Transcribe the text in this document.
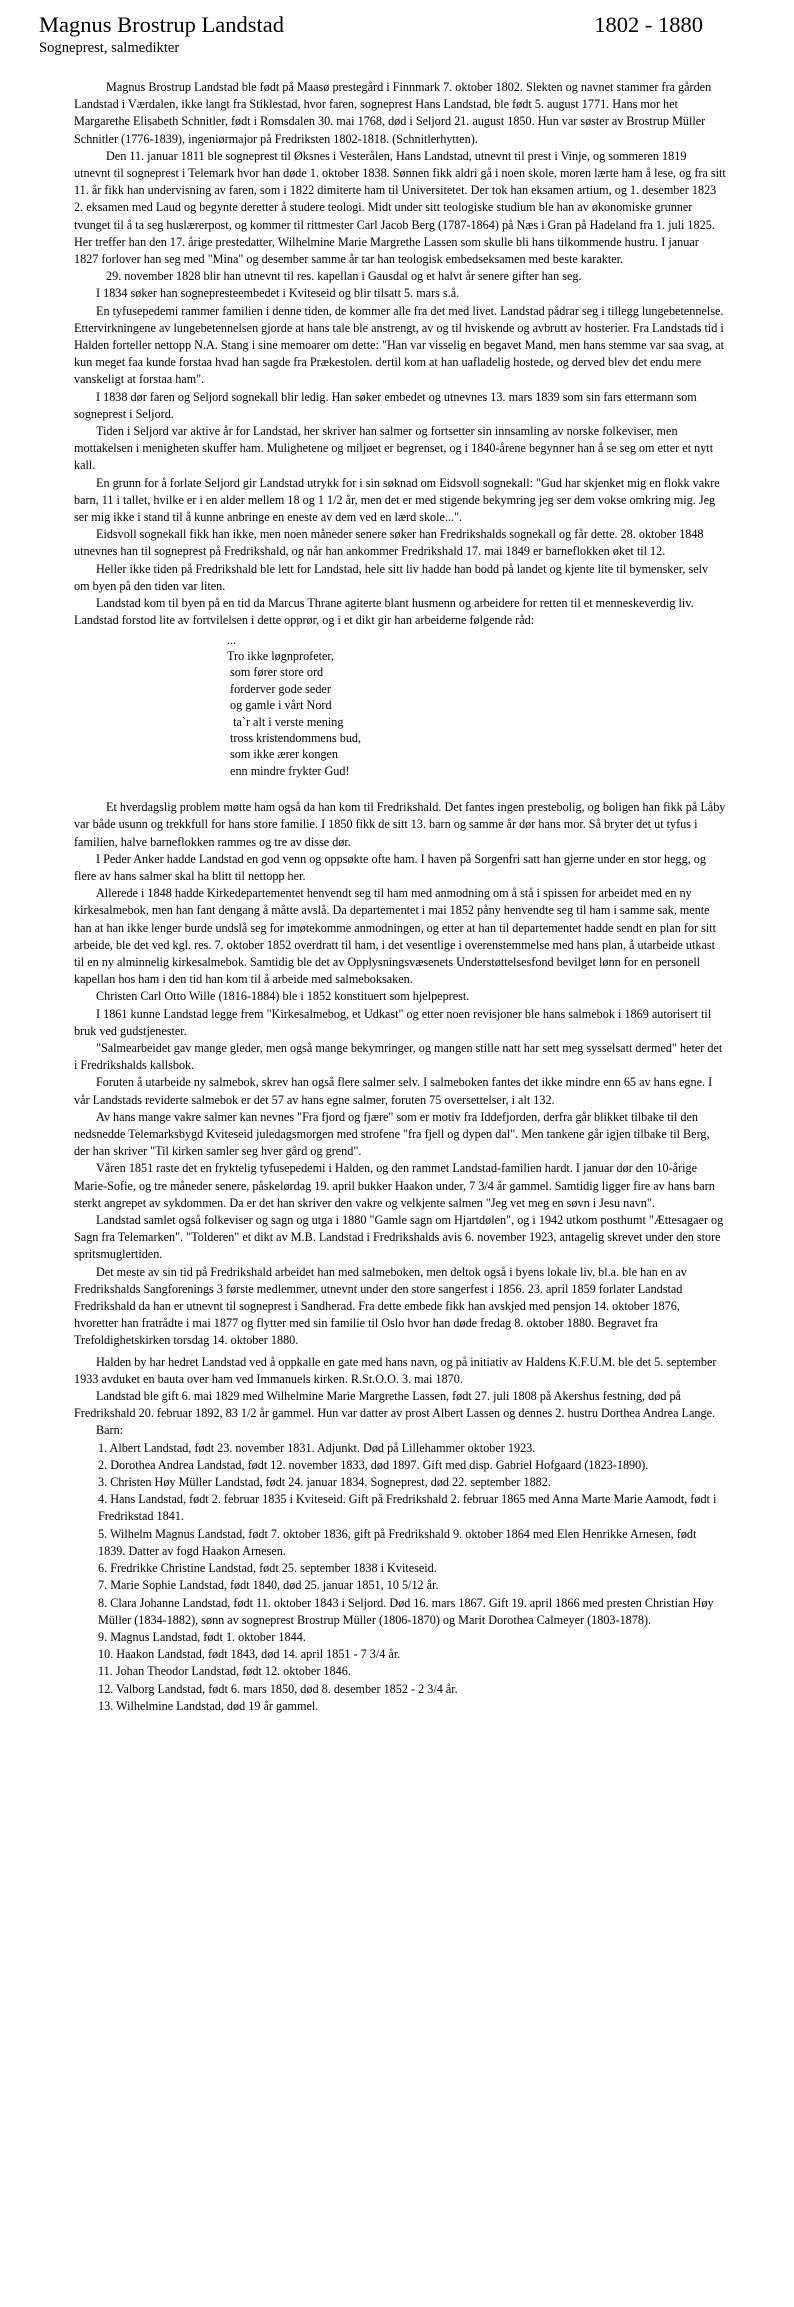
Magnus Brostrup Landstad	1802 - 1880
Sogneprest, salmedikter

Magnus Brostrup Landstad ble født på Maasø prestegård i Finnmark 7. oktober 1802. Slekten og navnet stammer fra gården Landstad i Værdalen, ikke langt fra Stiklestad, hvor faren, sogneprest Hans Landstad, ble født 5. august 1771. Hans mor het Margarethe Elisabeth Schnitler, født i Romsdalen 30. mai 1768, død i Seljord 21. august 1850. Hun var søster av Brostrup Müller Schnitler (1776-1839), ingeniørmajor på Fredriksten 1802-1818. (Schnitlerhytten).

Den 11. januar 1811 ble sogneprest til Øksnes i Vesterålen, Hans Landstad, utnevnt til prest i Vinje, og sommeren 1819 utnevnt til sogneprest i Telemark hvor han døde 1. oktober 1838. Sønnen fikk aldri gå i noen skole, moren lærte ham å lese, og fra sitt 11. år fikk han undervisning av faren, som i 1822 dimiterte ham til Universitetet. Der tok han eksamen artium, og 1. desember 1823 2. eksamen med Laud og begynte deretter å studere teologi. Midt under sitt teologiske studium ble han av økonomiske grunner tvunget til å ta seg huslærerpost, og kommer til rittmester Carl Jacob Berg (1787-1864) på Næs i Gran på Hadeland fra 1. juli 1825. Her treffer han den 17. årige prestedatter, Wilhelmine Marie Margrethe Lassen som skulle bli hans tilkommende hustru. I januar 1827 forlover han seg med "Mina" og desember samme år tar han teologisk embedseksamen med beste karakter.

29. november 1828 blir han utnevnt til res. kapellan i Gausdal og et halvt år senere gifter han seg.

I 1834 søker han sognepresteembedet i Kviteseid og blir tilsatt 5. mars s.å.

En tyfusepedemi rammer familien i denne tiden, de kommer alle fra det med livet. Landstad pådrar seg i tillegg lungebetennelse. Ettervirkningene av lungebetennelsen gjorde at hans tale ble anstrengt, av og til hviskende og avbrutt av hosterier. Fra Landstads tid i Halden forteller nettopp N.A. Stang i sine memoarer om dette: "Han var visselig en begavet Mand, men hans stemme var saa svag, at kun meget faa kunde forstaa hvad han sagde fra Prækestolen. dertil kom at han uafladelig hostede, og derved blev det endu mere vanskeligt at forstaa ham".

I 1838 dør faren og Seljord sognekall blir ledig. Han søker embedet og utnevnes 13. mars 1839 som sin fars ettermann som sogneprest i Seljord.

Tiden i Seljord var aktive år for Landstad, her skriver han salmer og fortsetter sin innsamling av norske folkeviser, men mottakelsen i menigheten skuffer ham. Mulighetene og miljøet er begrenset, og i 1840-årene begynner han å se seg om etter et nytt kall.

En grunn for å forlate Seljord gir Landstad utrykk for i sin søknad om Eidsvoll sognekall: "Gud har skjenket mig en flokk vakre barn, 11 i tallet, hvilke er i en alder mellem 18 og 1 1/2 år, men det er med stigende bekymring jeg ser dem vokse omkring mig. Jeg ser mig ikke i stand til å kunne anbringe en eneste av dem ved en lærd skole...".

Eidsvoll sognekall fikk han ikke, men noen måneder senere søker han Fredrikshalds sognekall og får dette. 28. oktober 1848 utnevnes han til sogneprest på Fredrikshald, og når han ankommer Fredrikshald 17. mai 1849 er barneflokken øket til 12.

Heller ikke tiden på Fredrikshald ble lett for Landstad, hele sitt liv hadde han bodd på landet og kjente lite til bymensker, selv om byen på den tiden var liten.

Landstad kom til byen på en tid da Marcus Thrane agiterte blant husmenn og arbeidere for retten til et menneskeverdig liv. Landstad forstod lite av fortvilelsen i dette opprør, og i et dikt gir han arbeiderne følgende råd:

...
Tro ikke løgnprofeter,
som fører store ord
forderver gode seder
og gamle i vårt Nord
ta`r alt i verste mening
tross kristendommens bud,
som ikke ærer kongen
enn mindre frykter Gud!

Et hverdagslig problem møtte ham også da han kom til Fredrikshald. Det fantes ingen prestebolig, og boligen han fikk på Låby var både usunn og trekkfull for hans store familie. I 1850 fikk de sitt 13. barn og samme år dør hans mor. Så bryter det ut tyfus i familien, halve barneflokken rammes og tre av disse dør.

I Peder Anker hadde Landstad en god venn og oppsøkte ofte ham. I haven på Sorgenfri satt han gjerne under en stor hegg, og flere av hans salmer skal ha blitt til nettopp her.

Allerede i 1848 hadde Kirkedepartementet henvendt seg til ham med anmodning om å stå i spissen for arbeidet med en ny kirkesalmebok, men han fant dengang å måtte avslå. Da departementet i mai 1852 påny henvendte seg til ham i samme sak, mente han at han ikke lenger burde undslå seg for imøtekomme anmodningen, og etter at han til departementet hadde sendt en plan for sitt arbeide, ble det ved kgl. res. 7. oktober 1852 overdratt til ham, i det vesentlige i overenstemmelse med hans plan, å utarbeide utkast til en ny alminnelig kirkesalmebok. Samtidig ble det av Opplysningsvæsenets Understøttelsesfond bevilget lønn for en personell kapellan hos ham i den tid han kom til å arbeide med salmeboksaken.

Christen Carl Otto Wille (1816-1884) ble i 1852 konstituert som hjelpeprest.

I 1861 kunne Landstad legge frem "Kirkesalmebog, et Udkast" og etter noen revisjoner ble hans salmebok i 1869 autorisert til bruk ved gudstjenester.

"Salmearbeidet gav mange gleder, men også mange bekymringer, og mangen stille natt har sett meg sysselsatt dermed" heter det i Fredrikshalds kallsbok.

Foruten å utarbeide ny salmebok, skrev han også flere salmer selv. I salmeboken fantes det ikke mindre enn 65 av hans egne. I vår Landstads reviderte salmebok er det 57 av hans egne salmer, foruten 75 oversettelser, i alt 132.

Av hans mange vakre salmer kan nevnes "Fra fjord og fjære" som er motiv fra Iddefjorden, derfra går blikket tilbake til den nedsnedde Telemarksbygd Kviteseid juledagsmorgen med strofene "fra fjell og dypen dal". Men tankene går igjen tilbake til Berg, der han skriver "Til kirken samler seg hver gård og grend".

Våren 1851 raste det en fryktelig tyfusepedemi i Halden, og den rammet Landstad-familien hardt. I januar dør den 10-årige Marie-Sofie, og tre måneder senere, påskelørdag 19. april bukker Haakon under, 7 3/4 år gammel. Samtidig ligger fire av hans barn sterkt angrepet av sykdommen. Da er det han skriver den vakre og velkjente salmen "Jeg vet meg en søvn i Jesu navn".

Landstad samlet også folkeviser og sagn og utga i 1880 "Gamle sagn om Hjartdølen", og i 1942 utkom posthumt "Ættesagaer og Sagn fra Telemarken". "Tolderen" et dikt av M.B. Landstad i Fredrikshalds avis 6. november 1923, antagelig skrevet under den store spritsmuglertiden.

Det meste av sin tid på Fredrikshald arbeidet han med salmeboken, men deltok også i byens lokale liv, bl.a. ble han en av Fredrikshalds Sangforenings 3 første medlemmer, utnevnt under den store sangerfest i 1856. 23. april 1859 forlater Landstad Fredrikshald da han er utnevnt til sogneprest i Sandherad. Fra dette embede fikk han avskjed med pensjon 14. oktober 1876, hvoretter han fratrådte i mai 1877 og flytter med sin familie til Oslo hvor han døde fredag 8. oktober 1880. Begravet fra Trefoldighetskirken torsdag 14. oktober 1880.

Halden by har hedret Landstad ved å oppkalle en gate med hans navn, og på initiativ av Haldens K.F.U.M. ble det 5. september 1933 avduket en bauta over ham ved Immanuels kirken. R.St.O.O. 3. mai 1870.

Landstad ble gift 6. mai 1829 med Wilhelmine Marie Margrethe Lassen, født 27. juli 1808 på Akershus festning, død på Fredrikshald 20. februar 1892, 83 1/2 år gammel. Hun var datter av prost Albert Lassen og dennes 2. hustru Dorthea Andrea Lange.

Barn:

1. Albert Landstad, født 23. november 1831. Adjunkt. Død på Lillehammer oktober 1923.
2. Dorothea Andrea Landstad, født 12. november 1833, død 1897. Gift med disp. Gabriel Hofgaard (1823-1890).
3. Christen Høy Müller Landstad, født 24. januar 1834. Sogneprest, død 22. september 1882.
4. Hans Landstad, født 2. februar 1835 i Kviteseid. Gift på Fredrikshald 2. februar 1865 med Anna Marte Marie Aamodt, født i Fredrikstad 1841.
5. Wilhelm Magnus Landstad, født 7. oktober 1836, gift på Fredrikshald 9. oktober 1864 med Elen Henrikke Arnesen, født 1839. Datter av fogd Haakon Arnesen.
6. Fredrikke Christine Landstad, født 25. september 1838 i Kviteseid.
7. Marie Sophie Landstad, født 1840, død 25. januar 1851, 10 5/12 år.
8. Clara Johanne Landstad, født 11. oktober 1843 i Seljord. Død 16. mars 1867. Gift 19. april 1866 med presten Christian Høy Müller (1834-1882), sønn av sogneprest Brostrup Müller (1806-1870) og Marit Dorothea Calmeyer (1803-1878).
9. Magnus Landstad, født 1. oktober 1844.
10. Haakon Landstad, født 1843, død 14. april 1851 - 7 3/4 år.
11. Johan Theodor Landstad, født 12. oktober 1846.
12. Valborg Landstad, født 6. mars 1850, død 8. desember 1852 - 2 3/4 år.
13. Wilhelmine Landstad, død 19 år gammel.
